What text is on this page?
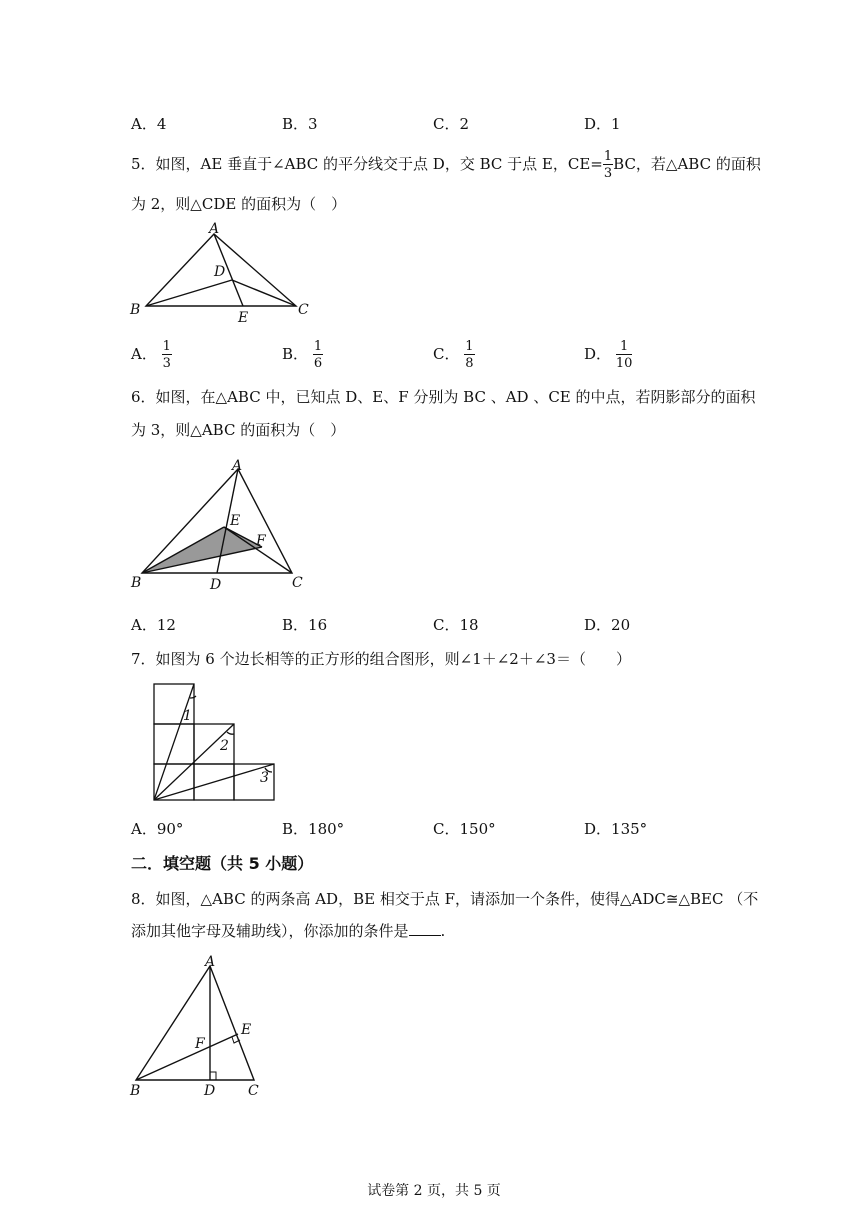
A．4	B．3	C．2	D．1
5．如图，AE 垂直于∠ABC 的平分线交于点 D，交 BC 于点 E，$CE= \frac{1}{3}$ BC，若△ABC 的面积
为 2，则△CDE 的面积为（　）
A
B	C
D
E
A． $\frac{1}{3}$	B． $\frac{1}{6}$	C． $\frac{1}{8}$	D． $\frac{1}{10}$
6．如图，在△ABC 中，已知点 D、E、F 分别为 BC 、AD 、CE 的中点，若阴影部分的面积
为 3，则△ABC 的面积为（　）
A
B	C
D
E
F
A．12	B．16	C．18	D．20
7．如图为 6 个边长相等的正方形的组合图形，则∠1＋∠2＋∠3＝（　　）
1
2
3
A．90°	B．180°	C．150°	D．135°
二．填空题（共 5 小题）
8．如图，△ABC 的两条高 AD，BE 相交于点 F，请添加一个条件，使得△ADC≅△BEC （不
添加其他字母及辅助线），你添加的条件是 .
A
B	C
D
E
F
试卷第 2 页，共 5 页
